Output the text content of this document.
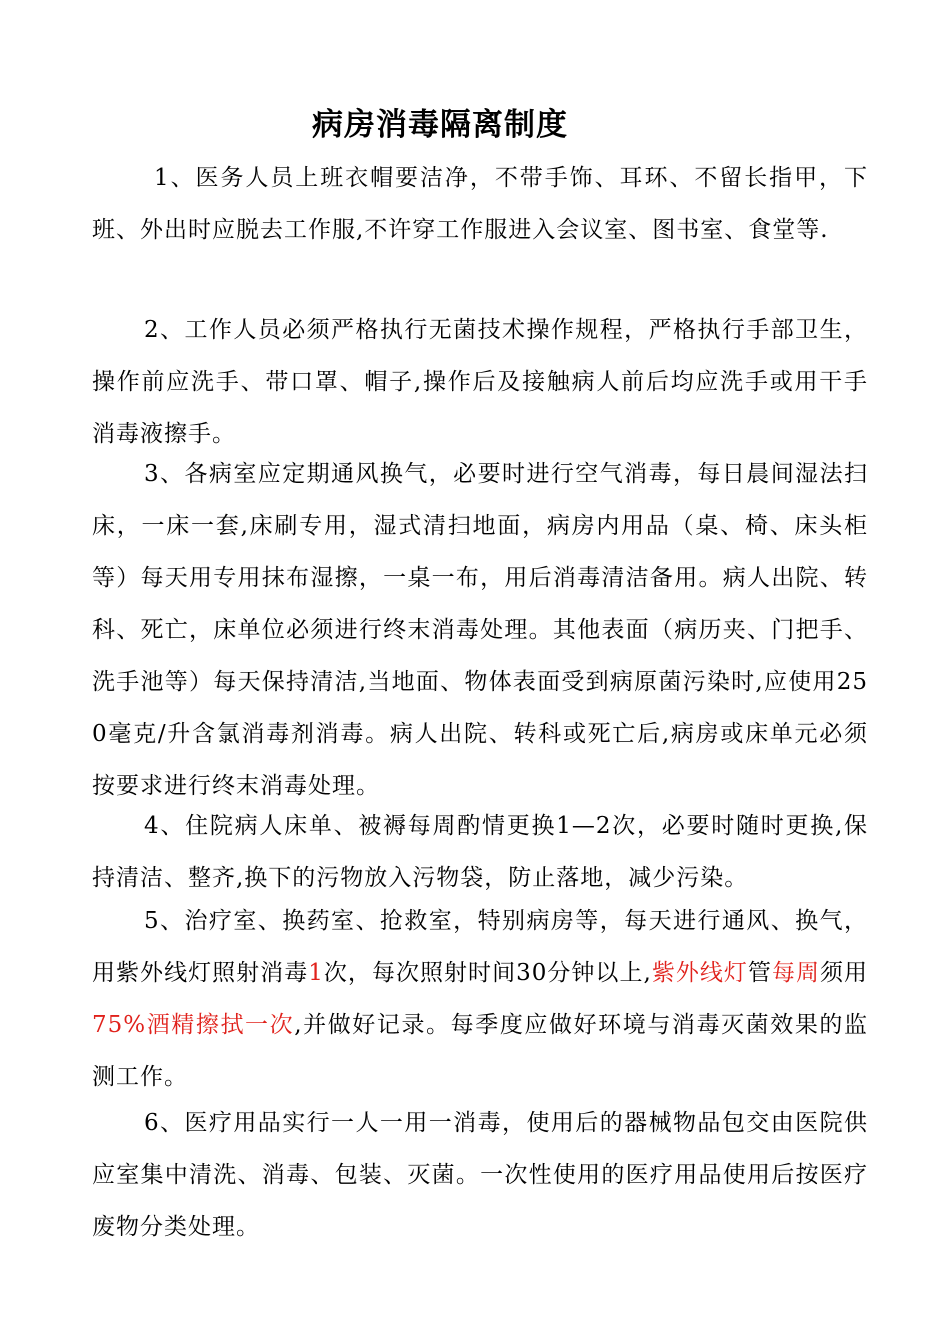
病房消毒隔离制度

1、医务人员上班衣帽要洁净，不带手饰、耳环、不留长指甲，下班、外出时应脱去工作服,不许穿工作服进入会议室、图书室、食堂等.

2、工作人员必须严格执行无菌技术操作规程，严格执行手部卫生，操作前应洗手、带口罩、帽子,操作后及接触病人前后均应洗手或用干手消毒液擦手。

3、各病室应定期通风换气，必要时进行空气消毒，每日晨间湿法扫床，一床一套,床刷专用，湿式清扫地面，病房内用品（桌、椅、床头柜等）每天用专用抹布湿擦，一桌一布，用后消毒清洁备用。病人出院、转科、死亡，床单位必须进行终末消毒处理。其他表面（病历夹、门把手、洗手池等）每天保持清洁,当地面、物体表面受到病原菌污染时,应使用250毫克/升含氯消毒剂消毒。病人出院、转科或死亡后,病房或床单元必须按要求进行终末消毒处理。

4、住院病人床单、被褥每周酌情更换1—2次，必要时随时更换,保持清洁、整齐,换下的污物放入污物袋，防止落地，减少污染。

5、治疗室、换药室、抢救室，特别病房等，每天进行通风、换气，用紫外线灯照射消毒1次，每次照射时间30分钟以上,紫外线灯管每周须用75%酒精擦拭一次,并做好记录。每季度应做好环境与消毒灭菌效果的监测工作。

6、医疗用品实行一人一用一消毒，使用后的器械物品包交由医院供应室集中清洗、消毒、包装、灭菌。一次性使用的医疗用品使用后按医疗废物分类处理。
